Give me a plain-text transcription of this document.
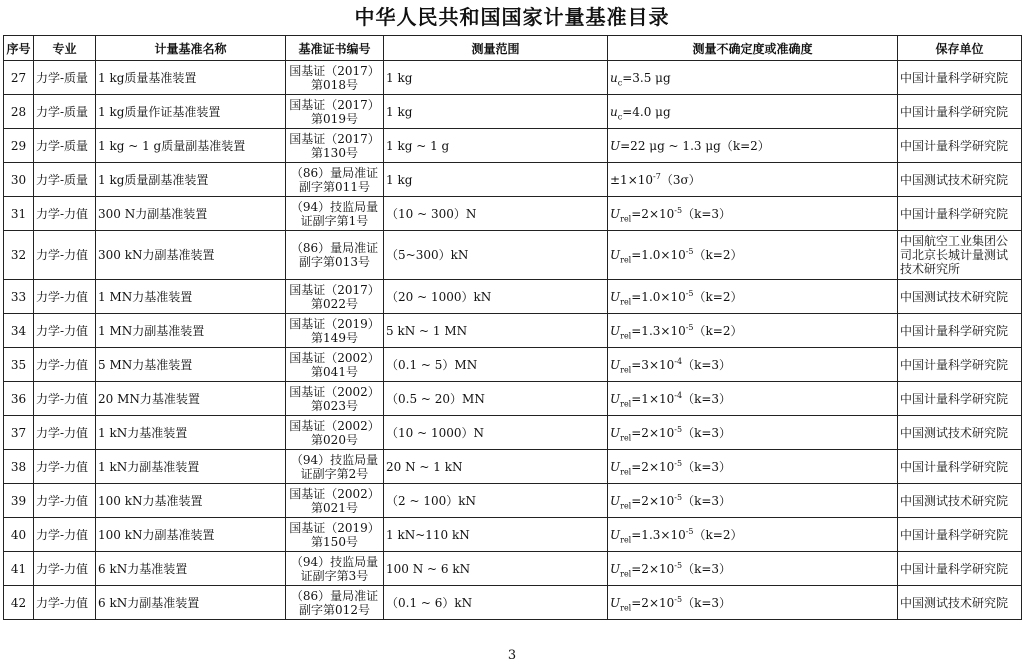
中华人民共和国国家计量基准目录
序号	专业	计量基准名称	基准证书编号	测量范围	测量不确定度或准确度	保存单位
27	力学-质量	1 kg质量基准装置	国基证（2017）第018号	1 kg	$u_c=3.5$ μg	中国计量科学研究院
28	力学-质量	1 kg质量作证基准装置	国基证（2017）第019号	1 kg	$u_c=4.0$ μg	中国计量科学研究院
29	力学-质量	1 kg ~ 1 g质量副基准装置	国基证（2017）第130号	1 kg ~ 1 g	U=22 μg ~ 1.3 μg（k=2）	中国计量科学研究院
30	力学-质量	1 kg质量副基准装置	（86）量局准证副字第011号	1 kg	$\pm 1\times 10^{-7}(3\sigma)$	中国测试技术研究院
31	力学-力值	300 N力副基准装置	（94）技监局量证副字第1号	（10 ~ 300）N	$U_{rel}=2\times 10^{-5}(k=3)$	中国计量科学研究院
32	力学-力值	300 kN力副基准装置	（86）量局准证副字第013号	（5~300）kN	$U_{rel}=1.0\times 10^{-5}(k=2)$	中国航空工业集团公司北京长城计量测试技术研究所
33	力学-力值	1 MN力基准装置	国基证（2017）第022号	（20 ~ 1000）kN	$U_{rel}=1.0\times 10^{-5}(k=2)$	中国测试技术研究院
34	力学-力值	1 MN力副基准装置	国基证（2019）第149号	5 kN ~ 1 MN	$U_{rel}=1.3\times 10^{-5}(k=2)$	中国计量科学研究院
35	力学-力值	5 MN力基准装置	国基证（2002）第041号	（0.1 ~ 5）MN	$U_{rel}=3\times 10^{-4}(k=3)$	中国计量科学研究院
36	力学-力值	20 MN力基准装置	国基证（2002）第023号	（0.5 ~ 20）MN	$U_{rel}=1\times 10^{-4}(k=3)$	中国计量科学研究院
37	力学-力值	1 kN力基准装置	国基证（2002）第020号	（10 ~ 1000）N	$U_{rel}=2\times 10^{-5}(k=3)$	中国测试技术研究院
38	力学-力值	1 kN力副基准装置	（94）技监局量证副字第2号	20 N ~ 1 kN	$U_{rel}=2\times 10^{-5}(k=3)$	中国计量科学研究院
39	力学-力值	100 kN力基准装置	国基证（2002）第021号	（2 ~ 100）kN	$U_{rel}=2\times 10^{-5}(k=3)$	中国测试技术研究院
40	力学-力值	100 kN力副基准装置	国基证（2019）第150号	1 kN~110 kN	$U_{rel}=1.3\times 10^{-5}(k=2)$	中国计量科学研究院
41	力学-力值	6 kN力基准装置	（94）技监局量证副字第3号	100 N ~ 6 kN	$U_{rel}=2\times 10^{-5}(k=3)$	中国计量科学研究院
42	力学-力值	6 kN力副基准装置	（86）量局准证副字第012号	（0.1 ~ 6）kN	$U_{rel}=2\times 10^{-5}(k=3)$	中国测试技术研究院
3
